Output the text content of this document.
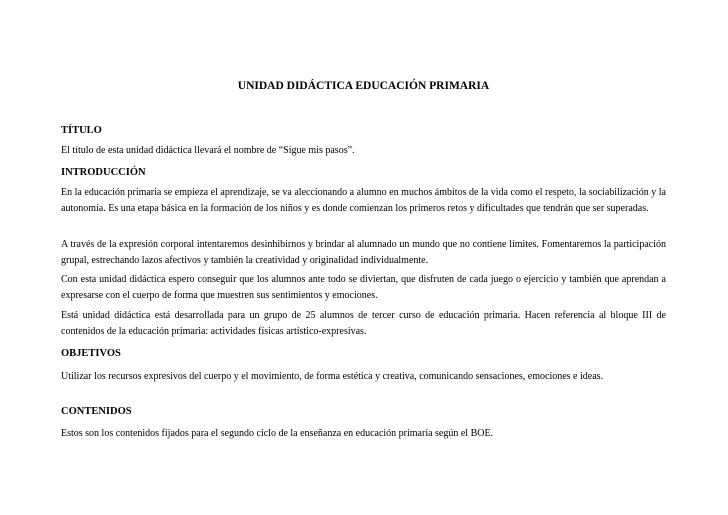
UNIDAD DIDÁCTICA EDUCACIÓN PRIMARIA
TÍTULO
El título de esta unidad didáctica llevará el nombre de “Sigue mis pasos”.
INTRODUCCIÓN
En la educación primaria se empieza el aprendizaje, se va aleccionando a alumno en muchos ámbitos de la vida como el respeto, la sociabilización y la autonomía. Es una etapa básica en la formación de los niños y es donde comienzan los primeros retos y dificultades que tendrán que ser superadas.
A través de la expresión corporal intentaremos desinhibirnos y brindar al alumnado un mundo que no contiene límites. Fomentaremos la participación grupal, estrechando lazos afectivos y también la creatividad y originalidad individualmente.
Con esta unidad didáctica espero conseguir que los alumnos ante todo se diviertan, que disfruten de cada juego o ejercicio y también que aprendan a expresarse con el cuerpo de forma que muestren sus sentimientos y emociones.
Está unidad didáctica está desarrollada para un grupo de 25 alumnos de tercer curso de educación primaria. Hacen referencia al bloque III de contenidos de la educación primaria: actividades físicas artístico-expresivas.
OBJETIVOS
Utilizar los recursos expresivos del cuerpo y el movimiento, de forma estética y creativa, comunicando sensaciones, emociones e ideas.
CONTENIDOS
Estos son los contenidos fijados para el segundo ciclo de la enseñanza en educación primaria según el BOE.
